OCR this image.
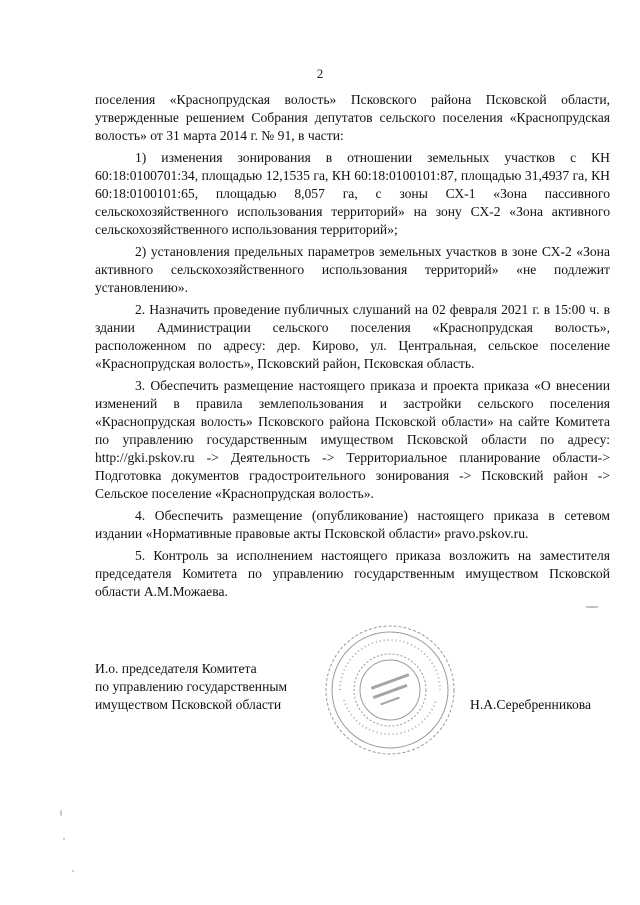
2

поселения «Краснопрудская волость» Псковского района Псковской области, утвержденные решением Собрания депутатов сельского поселения «Краснопрудская волость» от 31 марта 2014 г. № 91, в части:

1) изменения зонирования в отношении земельных участков с КН 60:18:0100701:34, площадью 12,1535 га, КН 60:18:0100101:87, площадью 31,4937 га, КН 60:18:0100101:65, площадью 8,057 га, с зоны СХ-1 «Зона пассивного сельскохозяйственного использования территорий» на зону СХ-2 «Зона активного сельскохозяйственного использования территорий»;

2) установления предельных параметров земельных участков в зоне СХ-2 «Зона активного сельскохозяйственного использования территорий» «не подлежит установлению».

2. Назначить проведение публичных слушаний на 02 февраля 2021 г. в 15:00 ч. в здании Администрации сельского поселения «Краснопрудская волость», расположенном по адресу: дер. Кирово, ул. Центральная, сельское поселение «Краснопрудская волость», Псковский район, Псковская область.

3. Обеспечить размещение настоящего приказа и проекта приказа «О внесении изменений в правила землепользования и застройки сельского поселения «Краснопрудская волость» Псковского района Псковской области» на сайте Комитета по управлению государственным имуществом Псковской области по адресу: http://gki.pskov.ru -> Деятельность -> Территориальное планирование области-> Подготовка документов градостроительного зонирования -> Псковский район -> Сельское поселение «Краснопрудская волость».

4. Обеспечить размещение (опубликование) настоящего приказа в сетевом издании «Нормативные правовые акты Псковской области» pravo.pskov.ru.

5. Контроль за исполнением настоящего приказа возложить на заместителя председателя Комитета по управлению государственным имуществом Псковской области А.М.Можаева.

И.о. председателя Комитета
по управлению государственным
имуществом Псковской области	Н.А.Серебренникова
